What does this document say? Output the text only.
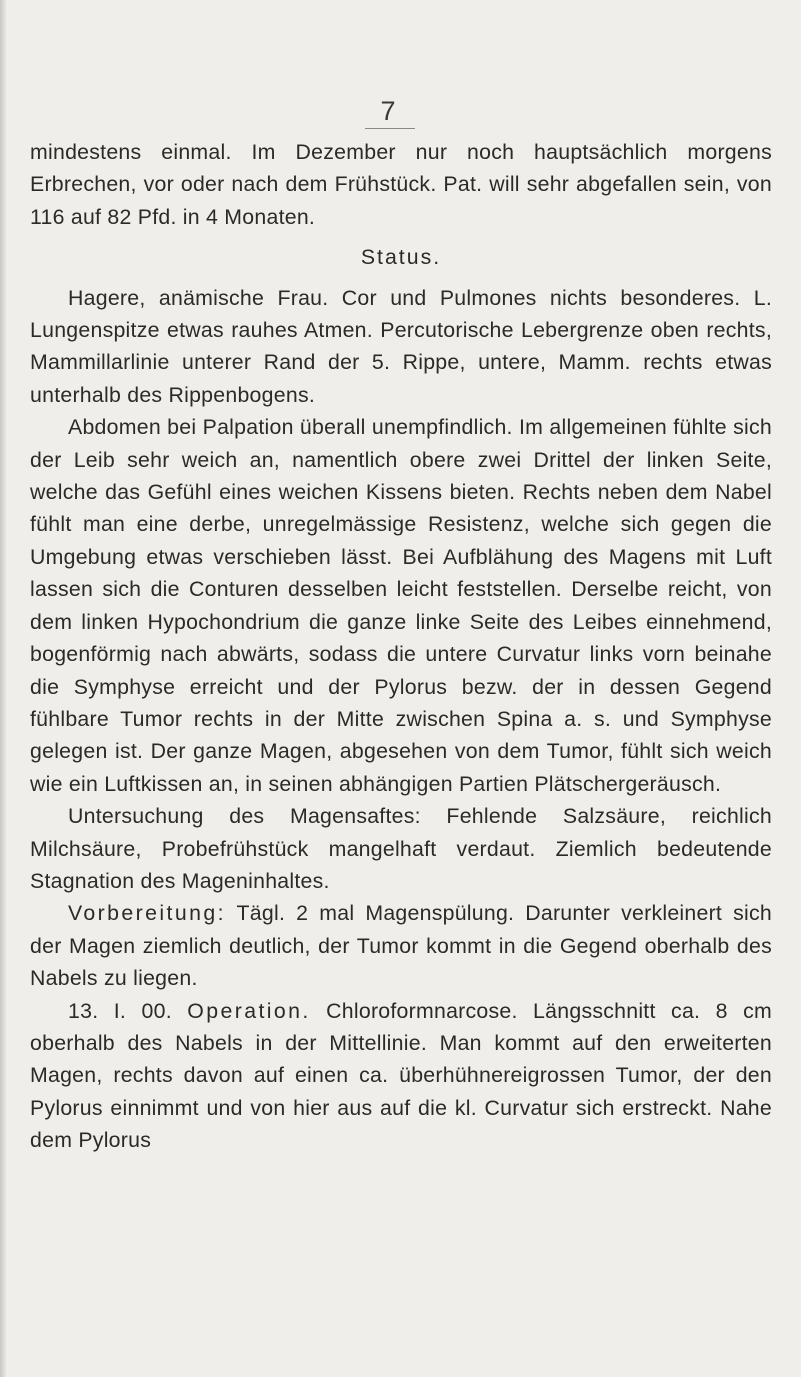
7

mindestens einmal. Im Dezember nur noch hauptsächlich morgens Erbrechen, vor oder nach dem Frühstück. Pat. will sehr abgefallen sein, von 116 auf 82 Pfd. in 4 Monaten.

Status.

Hagere, anämische Frau. Cor und Pulmones nichts besonderes. L. Lungenspitze etwas rauhes Atmen. Percutorische Lebergrenze oben rechts, Mammillarlinie unterer Rand der 5. Rippe, untere, Mamm. rechts etwas unterhalb des Rippenbogens.

Abdomen bei Palpation überall unempfindlich. Im allgemeinen fühlte sich der Leib sehr weich an, namentlich obere zwei Drittel der linken Seite, welche das Gefühl eines weichen Kissens bieten. Rechts neben dem Nabel fühlt man eine derbe, unregelmässige Resistenz, welche sich gegen die Umgebung etwas verschieben lässt. Bei Aufblähung des Magens mit Luft lassen sich die Conturen desselben leicht feststellen. Derselbe reicht, von dem linken Hypochondrium die ganze linke Seite des Leibes einnehmend, bogenförmig nach abwärts, sodass die untere Curvatur links vorn beinahe die Symphyse erreicht und der Pylorus bezw. der in dessen Gegend fühlbare Tumor rechts in der Mitte zwischen Spina a. s. und Symphyse gelegen ist. Der ganze Magen, abgesehen von dem Tumor, fühlt sich weich wie ein Luftkissen an, in seinen abhängigen Partien Plätschergeräusch.

Untersuchung des Magensaftes: Fehlende Salzsäure, reichlich Milchsäure, Probefrühstück mangelhaft verdaut. Ziemlich bedeutende Stagnation des Mageninhaltes.

Vorbereitung: Tägl. 2 mal Magenspülung. Darunter verkleinert sich der Magen ziemlich deutlich, der Tumor kommt in die Gegend oberhalb des Nabels zu liegen.

13. I. 00. Operation. Chloroformnarcose. Längsschnitt ca. 8 cm oberhalb des Nabels in der Mittellinie. Man kommt auf den erweiterten Magen, rechts davon auf einen ca. überhühnereigrossen Tumor, der den Pylorus einnimmt und von hier aus auf die kl. Curvatur sich erstreckt. Nahe dem Pylorus
